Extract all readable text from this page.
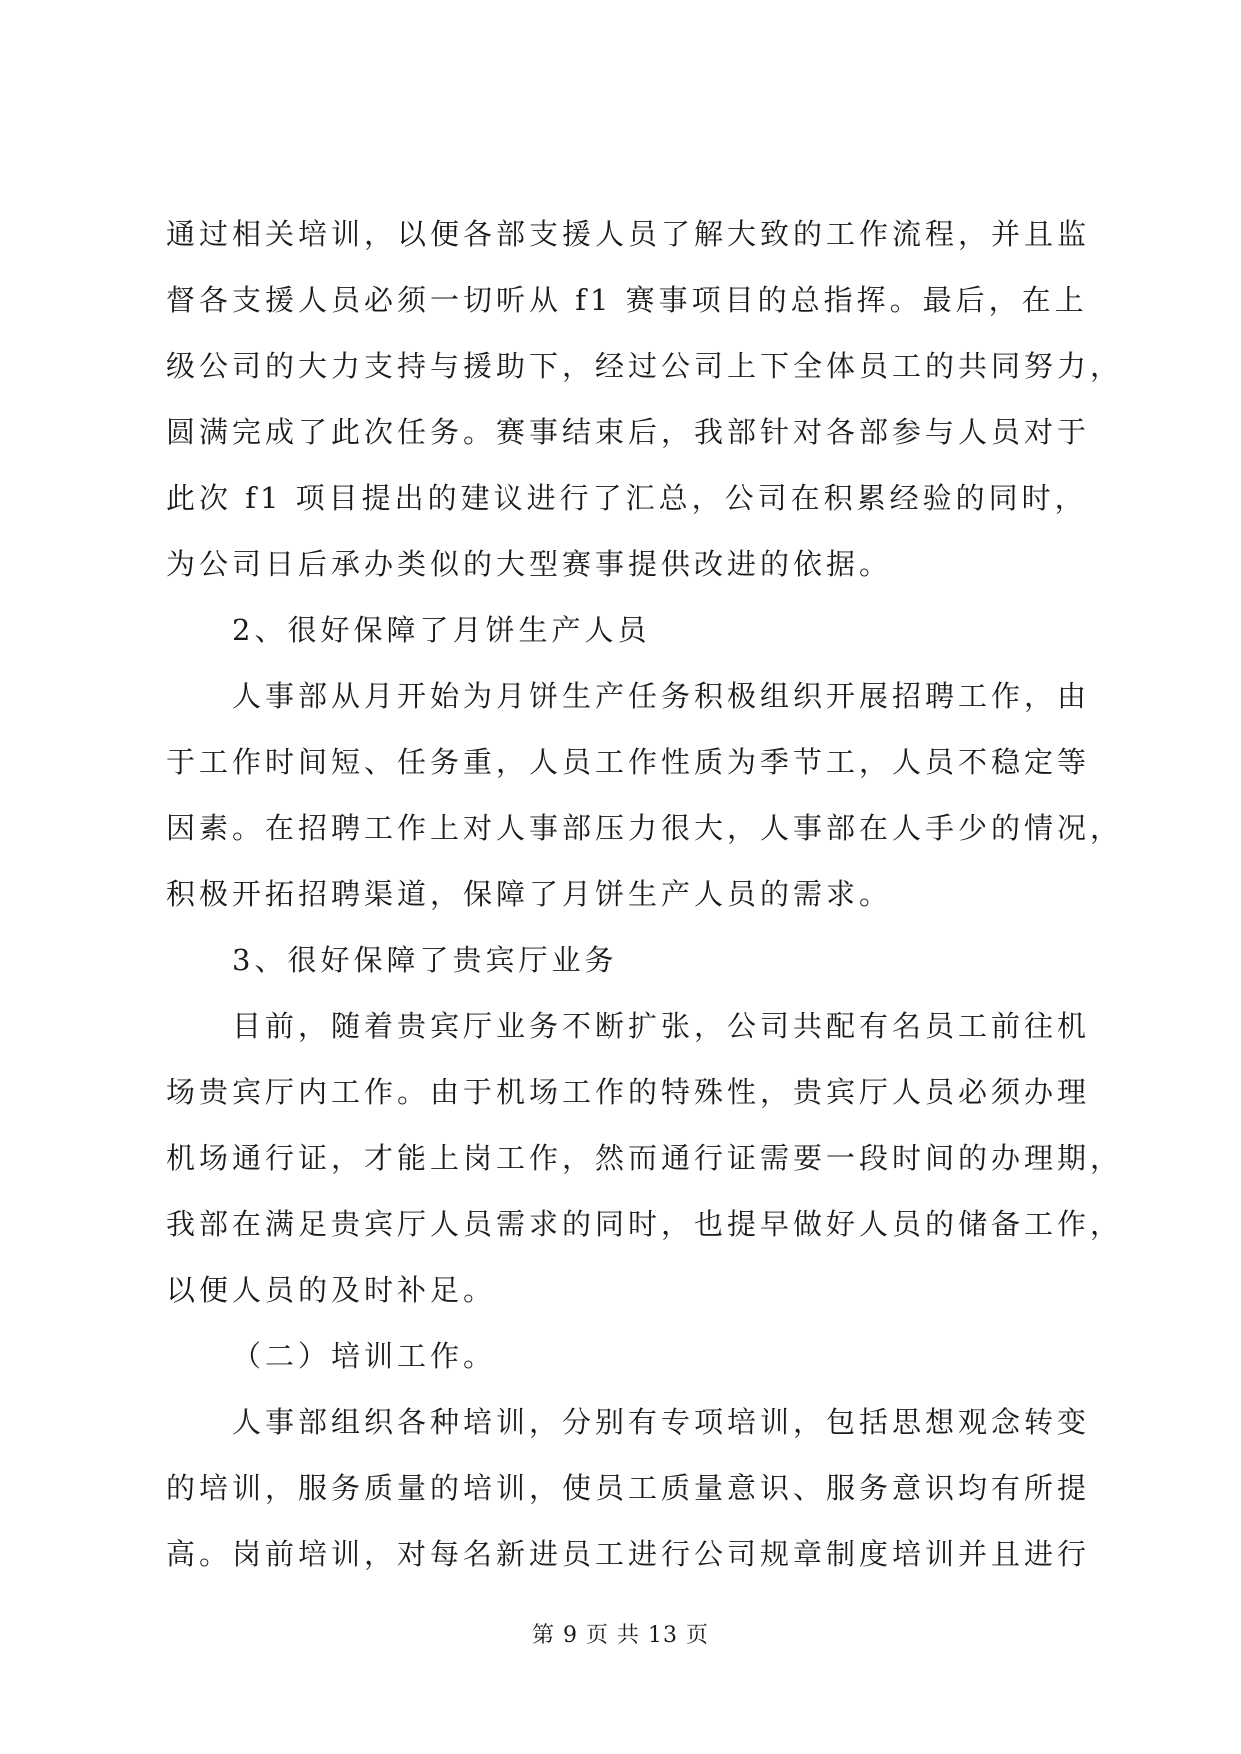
通过相关培训，以便各部支援人员了解大致的工作流程，并且监
督各支援人员必须一切听从 f1 赛事项目的总指挥。最后，在上
级公司的大力支持与援助下，经过公司上下全体员工的共同努力，
圆满完成了此次任务。赛事结束后，我部针对各部参与人员对于
此次 f1 项目提出的建议进行了汇总，公司在积累经验的同时，
为公司日后承办类似的大型赛事提供改进的依据。
2、很好保障了月饼生产人员
人事部从月开始为月饼生产任务积极组织开展招聘工作，由
于工作时间短、任务重，人员工作性质为季节工，人员不稳定等
因素。在招聘工作上对人事部压力很大，人事部在人手少的情况，
积极开拓招聘渠道，保障了月饼生产人员的需求。
3、很好保障了贵宾厅业务
目前，随着贵宾厅业务不断扩张，公司共配有名员工前往机
场贵宾厅内工作。由于机场工作的特殊性，贵宾厅人员必须办理
机场通行证，才能上岗工作，然而通行证需要一段时间的办理期，
我部在满足贵宾厅人员需求的同时，也提早做好人员的储备工作，
以便人员的及时补足。
（二）培训工作。
人事部组织各种培训，分别有专项培训，包括思想观念转变
的培训，服务质量的培训，使员工质量意识、服务意识均有所提
高。岗前培训，对每名新进员工进行公司规章制度培训并且进行
第 9 页 共 13 页
